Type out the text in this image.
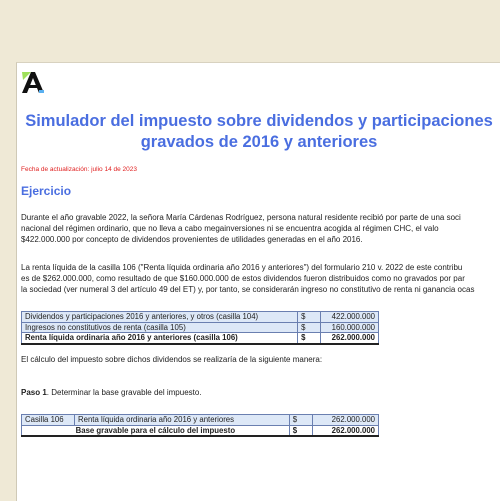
Simulador del impuesto sobre dividendos y participaciones
gravados de 2016 y anteriores
Fecha de actualización: julio 14 de 2023
Ejercicio
Durante el año gravable 2022, la señora María Cárdenas Rodríguez, persona natural residente recibió por parte de una soci
nacional del régimen ordinario, que no lleva a cabo megainversiones ni se encuentra acogida al régimen CHC, el valo
$422.000.000 por concepto de dividendos provenientes de utilidades generadas en el año 2016.
La renta líquida de la casilla 106 ("Renta líquida ordinaria año 2016 y anteriores") del formulario 210 v. 2022 de este contribu
es de $262.000.000, como resultado de que $160.000.000 de estos dividendos fueron distribuidos como no gravados por par
la sociedad (ver numeral 3 del artículo 49 del ET) y, por tanto, se considerarán ingreso no constitutivo de renta ni ganancia ocas
Dividendos y participaciones 2016 y anteriores, y otros (casilla 104)	$	422.000.000
Ingresos no constitutivos de renta (casilla 105)	$	160.000.000
Renta líquida ordinaria año 2016 y anteriores (casilla 106)	$	262.000.000
El cálculo del impuesto sobre dichos dividendos se realizaría de la siguiente manera:
Paso 1. Determinar la base gravable del impuesto.
Casilla 106	Renta líquida ordinaria año 2016 y anteriores	$	262.000.000
Base gravable para el cálculo del impuesto		$	262.000.000
